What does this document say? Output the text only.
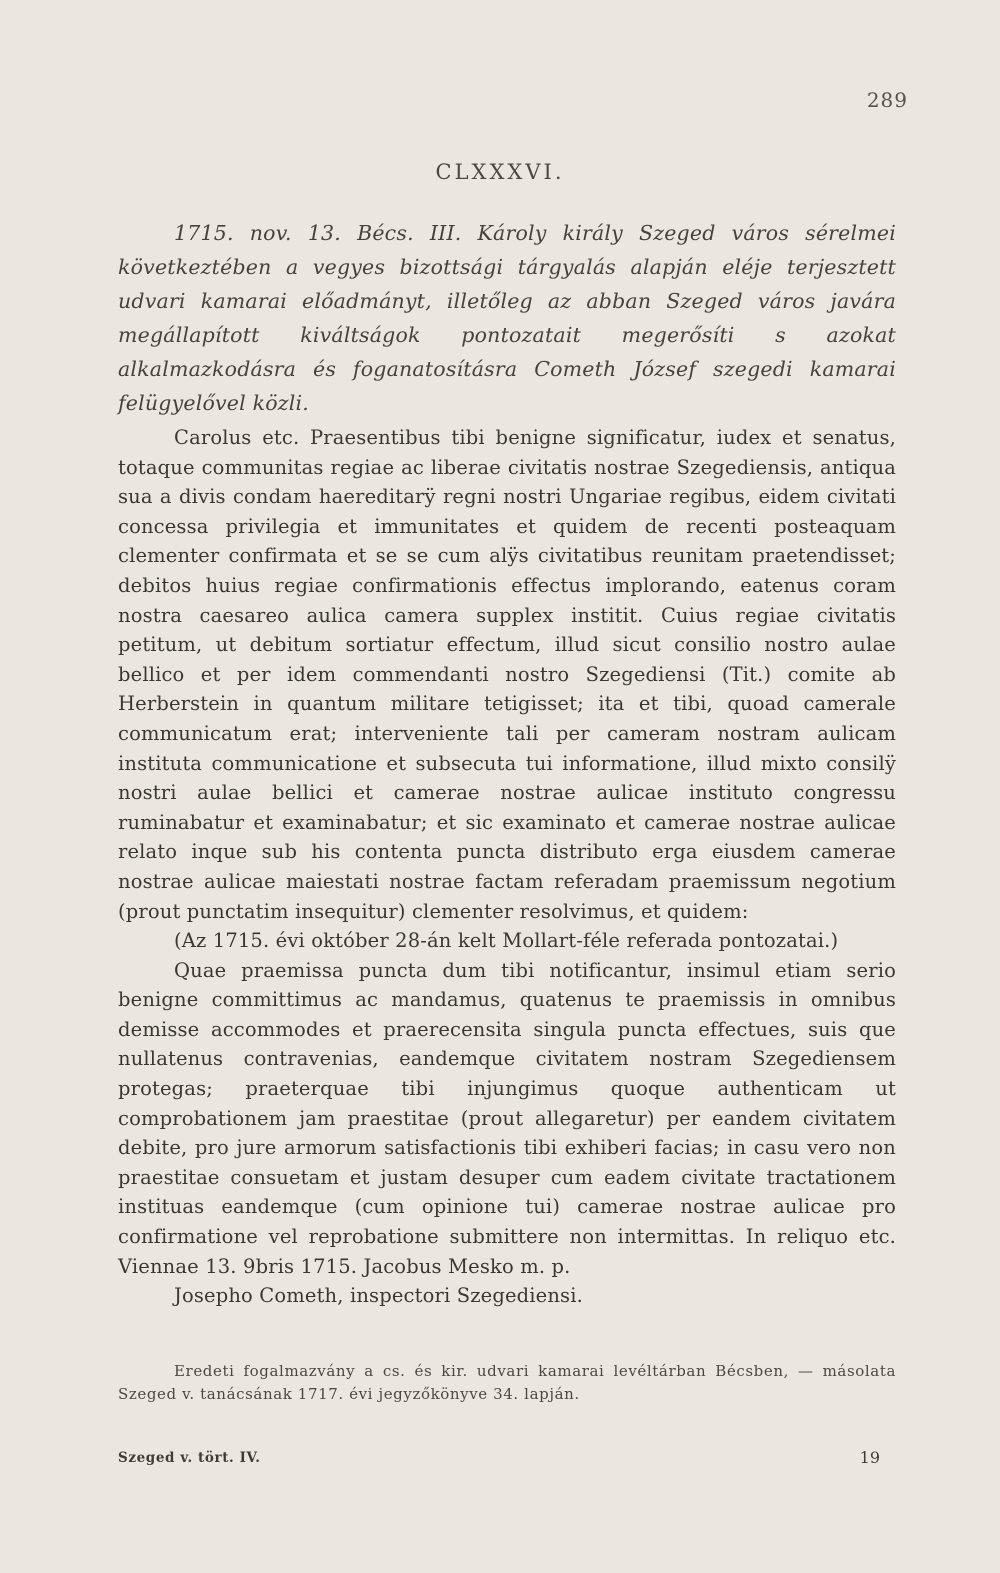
289
CLXXXVI.
1715. nov. 13. Bécs. III. Károly király Szeged város sérelmei következtében a vegyes bizottsági tárgyalás alapján eléje terjesztett udvari kamarai előadmányt, illetőleg az abban Szeged város javára megállapított kiváltságok pontozatait megerősíti s azokat alkalmazkodásra és foganatosításra Cometh József szegedi kamarai felügyelővel közli.

Carolus etc. Praesentibus tibi benigne significatur, iudex et senatus, totaque communitas regiae ac liberae civitatis nostrae Szegediensis, antiqua sua a divis condam haereditarÿ regni nostri Ungariae regibus, eidem civitati concessa privilegia et immunitates et quidem de recenti posteaquam clementer confirmata et se se cum alÿs civitatibus reunitam praetendisset; debitos huius regiae confirmationis effectus implorando, eatenus coram nostra caesareo aulica camera supplex institit. Cuius regiae civitatis petitum, ut debitum sortiatur effectum, illud sicut consilio nostro aulae bellico et per idem commendanti nostro Szegediensi (Tit.) comite ab Herberstein in quantum militare tetigisset; ita et tibi, quoad camerale communicatum erat; interveniente tali per cameram nostram aulicam instituta communicatione et subsecuta tui informatione, illud mixto consilÿ nostri aulae bellici et camerae nostrae aulicae instituto congressu ruminabatur et examinabatur; et sic examinato et camerae nostrae aulicae relato inque sub his contenta puncta distributo erga eiusdem camerae nostrae aulicae maiestati nostrae factam referadam praemissum negotium (prout punctatim insequitur) clementer resolvimus, et quidem:

(Az 1715. évi október 28-án kelt Mollart-féle referada pontozatai.)

Quae praemissa puncta dum tibi notificantur, insimul etiam serio benigne committimus ac mandamus, quatenus te praemissis in omnibus demisse accommodes et praerecensita singula puncta effectues, suis que nullatenus contravenias, eandemque civitatem nostram Szegediensem protegas; praeterquae tibi injungimus quoque authenticam ut comprobationem jam praestitae (prout allegaretur) per eandem civitatem debite, pro jure armorum satisfactionis tibi exhiberi facias; in casu vero non praestitae consuetam et justam desuper cum eadem civitate tractationem instituas eandemque (cum opinione tui) camerae nostrae aulicae pro confirmatione vel reprobatione submittere non intermittas. In reliquo etc. Viennae 13. 9bris 1715. Jacobus Mesko m. p.

Josepho Cometh, inspectori Szegediensi.

Eredeti fogalmazvány a cs. és kir. udvari kamarai levéltárban Bécsben, — másolata Szeged v. tanácsának 1717. évi jegyzőkönyve 34. lapján.
Szeged v. tört. IV.	19
